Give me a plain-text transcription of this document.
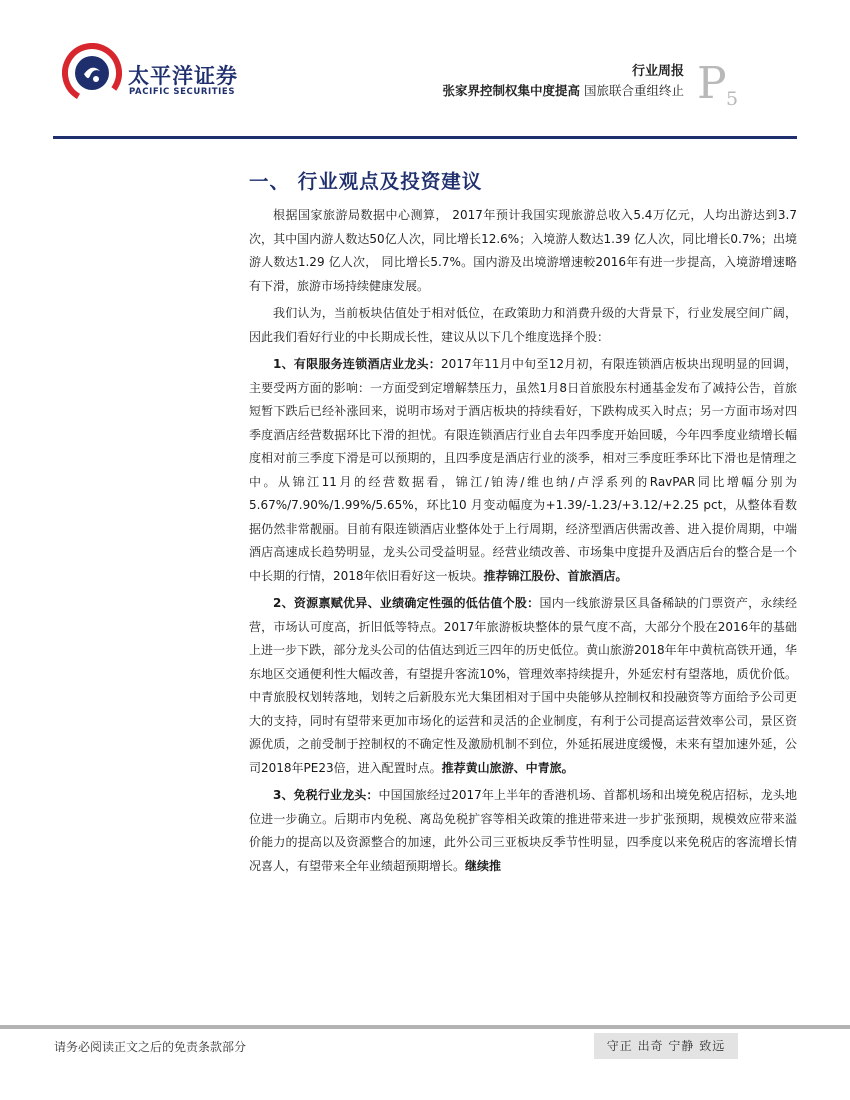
太平洋证券
PACIFIC SECURITIES
行业周报
张家界控制权集中度提高 国旅联合重组终止 P 5
一、 行业观点及投资建议

根据国家旅游局数据中心测算， 2017年预计我国实现旅游总收入5.4万亿元，人均出游达到3.7次，其中国内游人数达50亿人次，同比增长12.6%；入境游人数达1.39 亿人次，同比增长0.7%；出境游人数达1.29 亿人次， 同比增长5.7%。国内游及出境游增速較2016年有进一步提高，入境游增速略有下滑，旅游市场持续健康发展。

我们认为，当前板块估值处于相对低位，在政策助力和消费升级的大背景下，行业发展空间广阔，因此我们看好行业的中长期成长性，建议从以下几个维度选择个股：

1、有限服务连锁酒店业龙头：2017年11月中旬至12月初，有限连锁酒店板块出现明显的回调，主要受两方面的影响：一方面受到定增解禁压力，虽然1月8日首旅股东村通基金发布了减持公告，首旅短暂下跌后已经补涨回来，说明市场对于酒店板块的持续看好，下跌构成买入时点；另一方面市场对四季度酒店经营数据环比下滑的担忧。有限连锁酒店行业自去年四季度开始回暖，今年四季度业绩增长幅度相对前三季度下滑是可以预期的，且四季度是酒店行业的淡季，相对三季度旺季环比下滑也是情理之中。从锦江11月的经营数据看，锦江/铂涛/维也纳/卢浮系列的RavPAR同比增幅分别为5.67%/7.90%/1.99%/5.65%，环比10 月变动幅度为+1.39/-1.23/+3.12/+2.25 pct，从整体看数据仍然非常靓丽。目前有限连锁酒店业整体处于上行周期，经济型酒店供需改善、进入提价周期，中端酒店高速成长趋势明显，龙头公司受益明显。经营业绩改善、市场集中度提升及酒店后台的整合是一个中长期的行情，2018年依旧看好这一板块。推荐锦江股份、首旅酒店。

2、资源禀赋优异、业绩确定性强的低估值个股：国内一线旅游景区具备稀缺的门票资产，永续经营，市场认可度高，折旧低等特点。2017年旅游板块整体的景气度不高，大部分个股在2016年的基础上进一步下跌，部分龙头公司的估值达到近三四年的历史低位。黄山旅游2018年年中黄杭高铁开通，华东地区交通便利性大幅改善，有望提升客流10%，管理效率持续提升，外延宏村有望落地，质优价低。中青旅股权划转落地，划转之后新股东光大集团相对于国中央能够从控制权和投融资等方面给予公司更大的支持，同时有望带来更加市场化的运营和灵活的企业制度，有利于公司提高运营效率公司，景区资源优质，之前受制于控制权的不确定性及激励机制不到位，外延拓展进度缓慢，未来有望加速外延，公司2018年PE23倍，进入配置时点。推荐黄山旅游、中青旅。

3、免税行业龙头：中国国旅经过2017年上半年的香港机场、首都机场和出境免税店招标，龙头地位进一步确立。后期市内免税、离岛免税扩容等相关政策的推进带来进一步扩张预期，规模效应带来溢价能力的提高以及资源整合的加速，此外公司三亚板块反季节性明显，四季度以来免税店的客流增长情况喜人，有望带来全年业绩超预期增长。继续推

请务必阅读正文之后的免责条款部分	守正 出奇 宁静 致远
